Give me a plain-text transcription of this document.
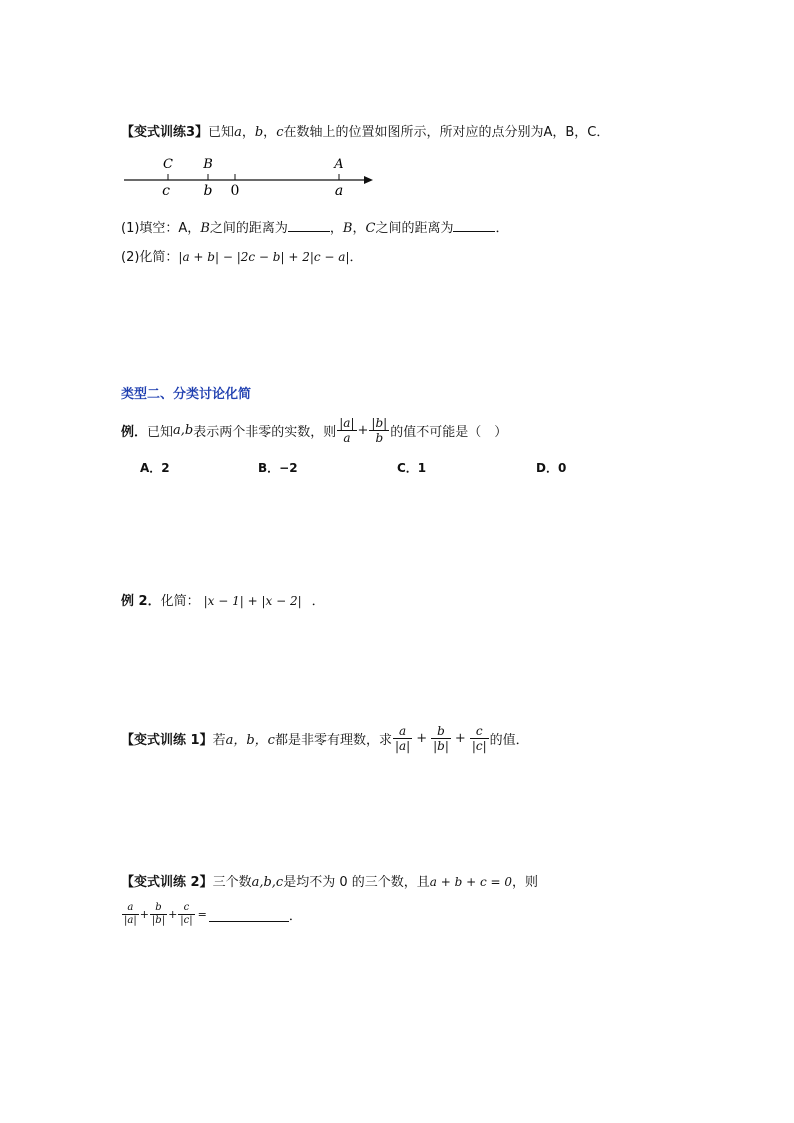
【变式训练3】已知a，b，c在数轴上的位置如图所示，所对应的点分别为A，B，C．
C B	A
c b 0	a
(1)填空：A，B之间的距离为	，B，C之间的距离为	．
(2)化简：|a + b| − |2c − b| + 2|c − a|．
类型二、分类讨论化简
例． 已知 a,b 表示两个非零的实数，则 $\frac{|a|}{a} + \frac{|b|}{b}$ 的值不可能是（　）
A．2	B．−2	C．1	D．0
例 2．化简： |x − 1| + |x − 2| ．
【变式训练 1】 若 a，b，c 都是非零有理数，求 $\frac{a}{|a|} + \frac{b}{|b|} + \frac{c}{|c|}$ 的值．
【变式训练 2】三个数a,b,c是均不为 0 的三个数，且a + b + c = 0，则
$\frac{a}{|a|} + \frac{b}{|b|} + \frac{c}{|c|}$ =	．
